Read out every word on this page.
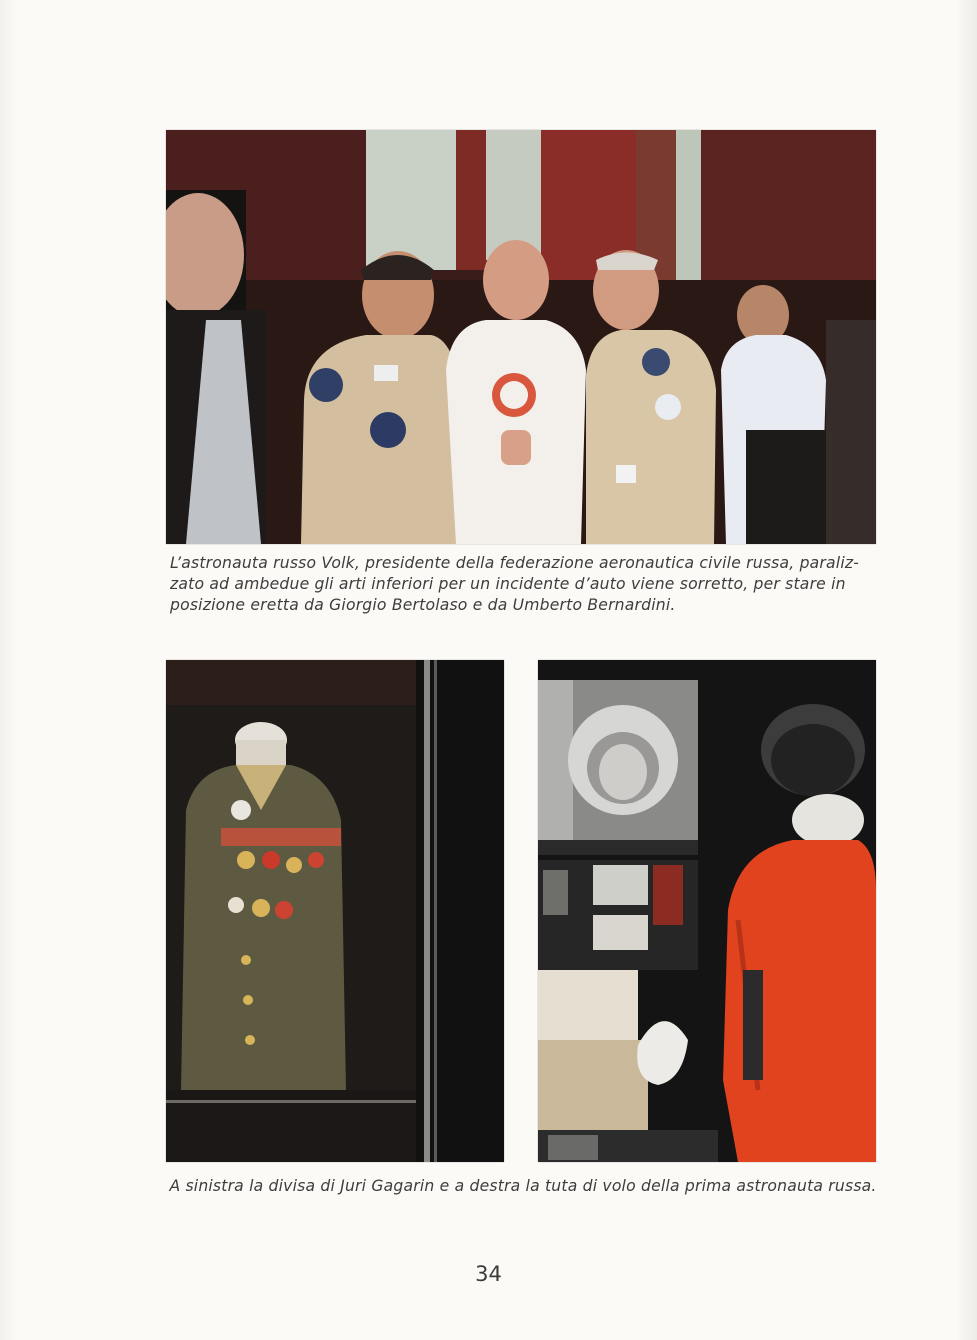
L’astronauta russo Volk, presidente della federazione aeronautica civile russa, paraliz-zato ad ambedue gli arti inferiori per un incidente d’auto viene sorretto, per stare in posizione eretta da Giorgio Bertolaso e da Umberto Bernardini.
A sinistra la divisa di Juri Gagarin e a destra la tuta di volo della prima astronauta russa.
34
